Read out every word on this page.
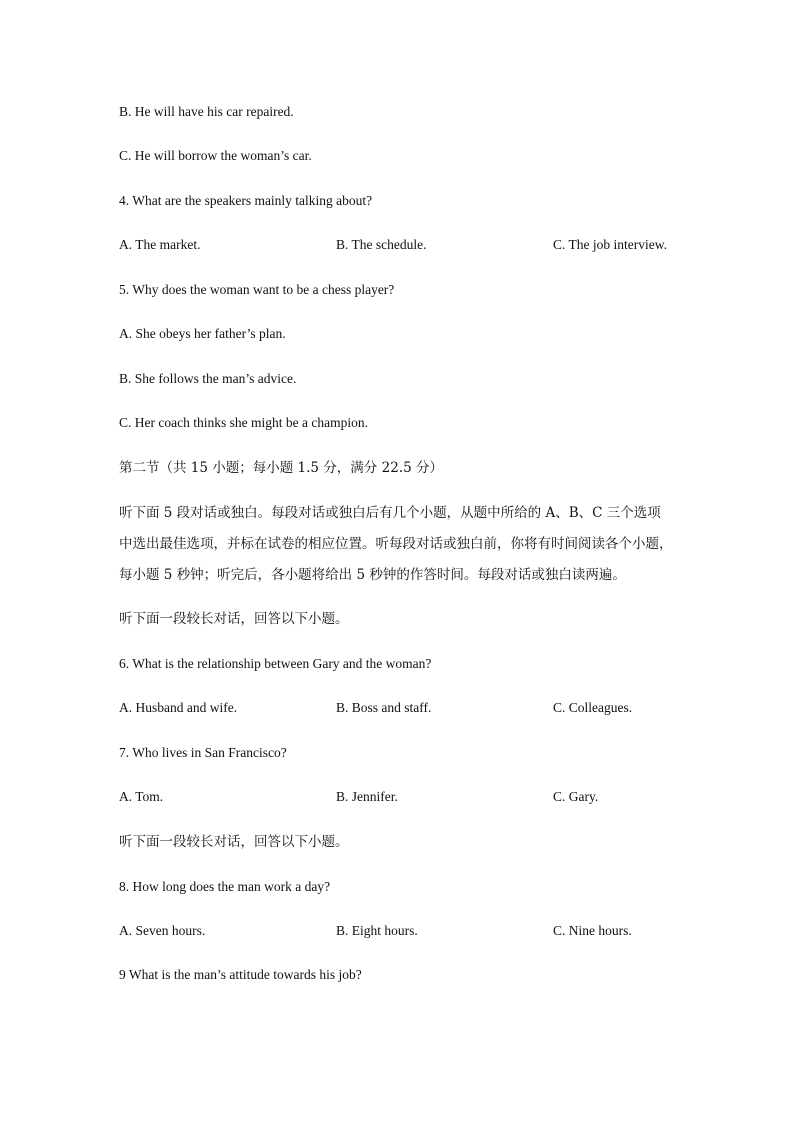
B. He will have his car repaired.
C. He will borrow the woman’s car.
4. What are the speakers mainly talking about?
A. The market.	B. The schedule.	C. The job interview.
5. Why does the woman want to be a chess player?
A. She obeys her father’s plan.
B. She follows the man’s advice.
C. Her coach thinks she might be a champion.
第二节（共 15 小题；每小题 1.5 分，满分 22.5 分）
听下面 5 段对话或独白。每段对话或独白后有几个小题，从题中所给的 A、B、C 三个选项
中选出最佳选项，并标在试卷的相应位置。听每段对话或独白前，你将有时间阅读各个小题，
每小题 5 秒钟；听完后，各小题将给出 5 秒钟的作答时间。每段对话或独白读两遍。
听下面一段较长对话，回答以下小题。
6. What is the relationship between Gary and the woman?
A. Husband and wife.	B. Boss and staff.	C. Colleagues.
7. Who lives in San Francisco?
A. Tom.	B. Jennifer.	C. Gary.
听下面一段较长对话，回答以下小题。
8. How long does the man work a day?
A. Seven hours.	B. Eight hours.	C. Nine hours.
9 What is the man’s attitude towards his job?
